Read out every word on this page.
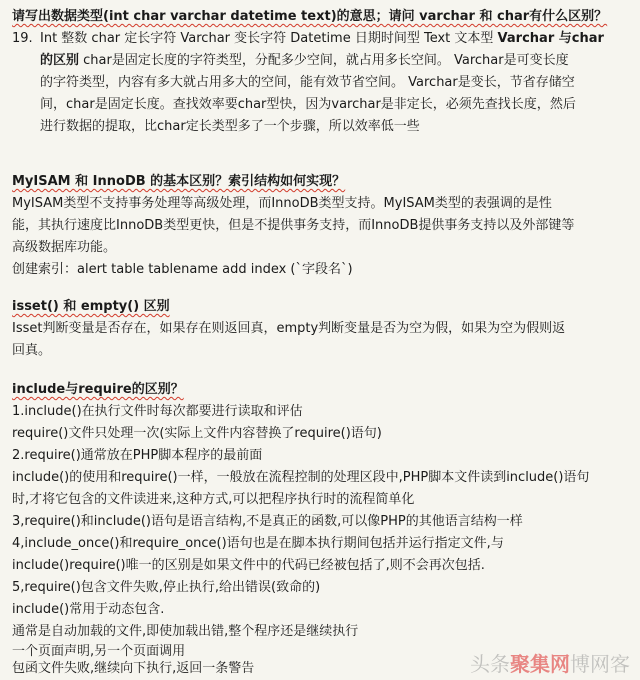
请写出数据类型(int char varchar datetime text)的意思；请问 varchar 和 char有什么区别？
19. Int 整数 char 定长字符 Varchar 变长字符 Datetime 日期时间型 Text 文本型 Varchar 与char
的区别 char是固定长度的字符类型，分配多少空间，就占用多长空间。 Varchar是可变长度
的字符类型，内容有多大就占用多大的空间，能有效节省空间。 Varchar是变长，节省存储空
间，char是固定长度。查找效率要char型快，因为varchar是非定长，必须先查找长度，然后
进行数据的提取，比char定长类型多了一个步骤，所以效率低一些
MyISAM 和 InnoDB 的基本区别？索引结构如何实现？
MyISAM类型不支持事务处理等高级处理，而InnoDB类型支持。MyISAM类型的表强调的是性
能，其执行速度比InnoDB类型更快，但是不提供事务支持，而InnoDB提供事务支持以及外部键等
高级数据库功能。
创建索引：alert table tablename add index (`字段名`)
isset() 和 empty() 区别
Isset判断变量是否存在，如果存在则返回真，empty判断变量是否为空为假，如果为空为假则返
回真。
include与require的区别？
1.include()在执行文件时每次都要进行读取和评估
require()文件只处理一次(实际上文件内容替换了require()语句)
2.require()通常放在PHP脚本程序的最前面
include()的使用和require()一样，一般放在流程控制的处理区段中,PHP脚本文件读到include()语句
时,才将它包含的文件读进来,这种方式,可以把程序执行时的流程简单化
3,require()和include()语句是语言结构,不是真正的函数,可以像PHP的其他语言结构一样
4,include_once()和require_once()语句也是在脚本执行期间包括并运行指定文件,与
include()require()唯一的区别是如果文件中的代码已经被包括了,则不会再次包括.
5,require()包含文件失败,停止执行,给出错误(致命的)
include()常用于动态包含.
通常是自动加载的文件,即使加载出错,整个程序还是继续执行
一个页面声明,另一个页面调用
包函文件失败,继续向下执行,返回一条警告	头条聚集网博网客
